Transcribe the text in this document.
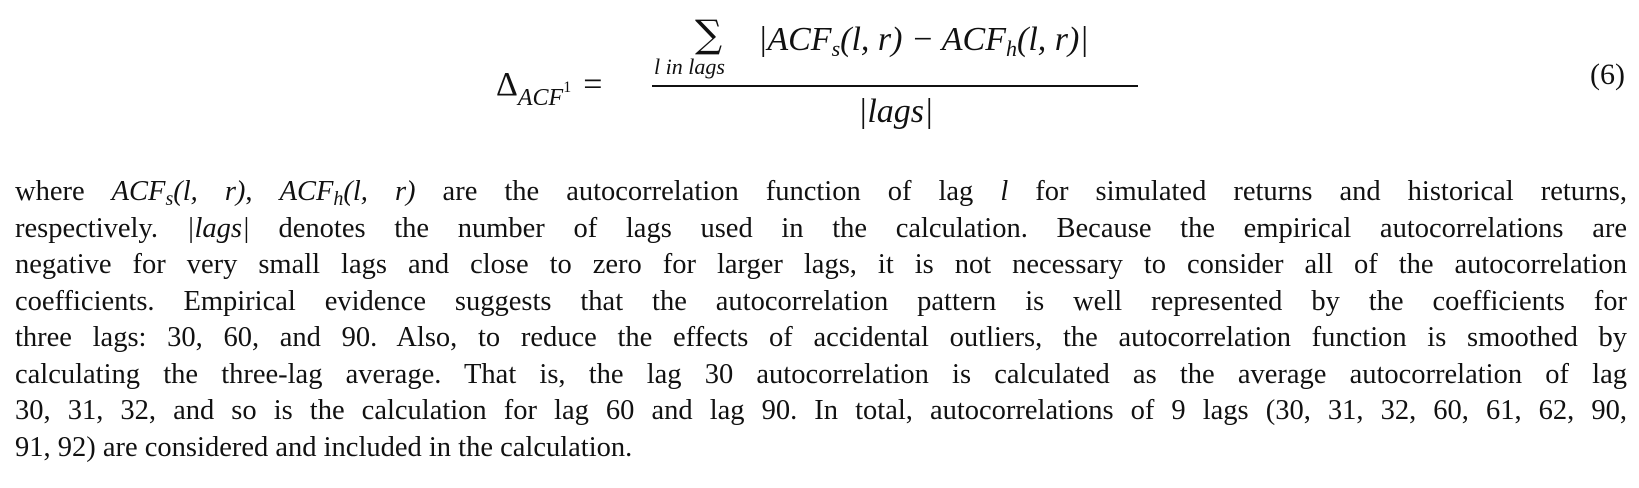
$\Delta_{ACF^1}$ =
∑
l in lags
$|ACF_s(l$, $r) - ACF_h(l$, r)|
|lags|
(6)

where $ACF_s(l$, r), $ACF_h(l$, r) are the autocorrelation function of lag l for simulated returns and historical returns,
respectively. |lags| denotes the number of lags used in the calculation. Because the empirical autocorrelations are
negative for very small lags and close to zero for larger lags, it is not necessary to consider all of the autocorrelation
coefficients. Empirical evidence suggests that the autocorrelation pattern is well represented by the coefficients for
three lags: 30, 60, and 90. Also, to reduce the effects of accidental outliers, the autocorrelation function is smoothed by
calculating the three-lag average. That is, the lag 30 autocorrelation is calculated as the average autocorrelation of lag
30, 31, 32, and so is the calculation for lag 60 and lag 90. In total, autocorrelations of 9 lags (30, 31, 32, 60, 61, 62, 90,
91, 92) are considered and included in the calculation.
